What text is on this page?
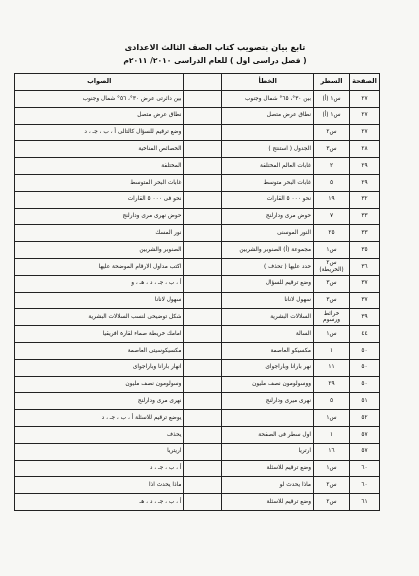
تابع بيان بتصويب كتاب الصف الثالث الاعدادى
( فصل دراسى اول ) للعام الدراسى ٢٠١٠/ ٢٠١١م
الصفحة	السطر	الخطأ		الصواب
٢٧	س١ (أ)	بين ٣٠°، ٦٥° شمال وجنوب		بين دائرتى عرض ٣٠°، ٥٦° شمال وجنوب
٢٧	س١ (أ)	نطاق عرض متصل		نطاق عرض متصل
٢٧	س٢			وضع ترقيم للسؤال كالتالى أ ، ب ، جـ ، د
٢٨	س٣	الجدول ( استنتج )		الخصائص المناخية
٢٩	٢	غابات العالم المختلفة		المختلفة
٢٩	٥	غابات البحر متوسط		غابات البحر المتوسط
٣٢	١٩	نحو ٠٠٠ ٥ القارات		نحو فى ٠٠٠ ٥ القارات
٣٣	٧	حوض مرى ودارلنج		حوض نهرى مرى ودارلنج
٣٣	٢٥	النور الموسنى		نور المسك
٣٥	س١	مجموعة (أ) الصنوبر والشربين		الصنوبر والشربين
٣٦	س٢ (الخريطة)	حدد عليها ( تحذف )		اكتب مداول الارقام الموضحة عليها
٣٧	س٣	وضع ترقيم للسؤال		أ ، ب ، جـ ، د ، هـ ، و
٣٧	س٣	سهول لانانا		سهول لانانا
٣٩	خرائط ورسوم	السلالات البشرية		شكل توضيحى لنسب السلالات البشرية
٤٤	س١	السالة		امامك خريطة صماء لقارة افريقيا
٥٠	١	مكسيكو العاصمة		مكسيكوسيتى العاصمة
٥٠	١١	نهر بارانا وباراجواى		انهار بارانا وباراجواى
٥٠	٢٩	ووسولومون نصف مليون		وسولومون نصف مليون
٥١	٥	نهرى ميرى ودارلنج		نهرى مرى ودارلنج
٥٢	س١			يوضع ترقيم للاسئلة أ ، ب ، جـ ، د
٥٧	١	اول سطر فى الصفحة		يحذف
٥٧	١٦	ارتريا		اريتريا
٦٠	س١	وضع ترقيم للاسئلة		أ ، ب ، جـ ، د
٦٠	س٢	ماذا يحدث لو		ماذا يحدث اذا
٦١	س٢	وضع ترقيم للاسئلة		أ ، ب ، جـ ، د ، هـ
